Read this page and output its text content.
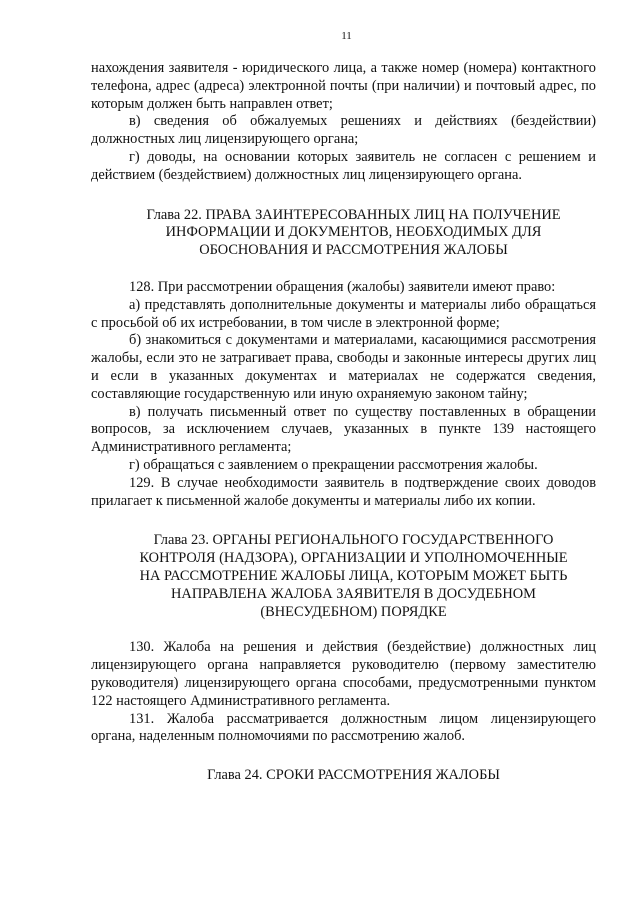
11

нахождения заявителя - юридического лица, а также номер (номера) контактного телефона, адрес (адреса) электронной почты (при наличии) и почтовый адрес, по которым должен быть направлен ответ;

в) сведения об обжалуемых решениях и действиях (бездействии) должностных лиц лицензирующего органа;

г) доводы, на основании которых заявитель не согласен с решением и действием (бездействием) должностных лиц лицензирующего органа.

Глава 22. ПРАВА ЗАИНТЕРЕСОВАННЫХ ЛИЦ НА ПОЛУЧЕНИЕ ИНФОРМАЦИИ И ДОКУМЕНТОВ, НЕОБХОДИМЫХ ДЛЯ ОБОСНОВАНИЯ И РАССМОТРЕНИЯ ЖАЛОБЫ

128. При рассмотрении обращения (жалобы) заявители имеют право:

а) представлять дополнительные документы и материалы либо обращаться с просьбой об их истребовании, в том числе в электронной форме;

б) знакомиться с документами и материалами, касающимися рассмотрения жалобы, если это не затрагивает права, свободы и законные интересы других лиц и если в указанных документах и материалах не содержатся сведения, составляющие государственную или иную охраняемую законом тайну;

в) получать письменный ответ по существу поставленных в обращении вопросов, за исключением случаев, указанных в пункте 139 настоящего Административного регламента;

г) обращаться с заявлением о прекращении рассмотрения жалобы.

129. В случае необходимости заявитель в подтверждение своих доводов прилагает к письменной жалобе документы и материалы либо их копии.

Глава 23. ОРГАНЫ РЕГИОНАЛЬНОГО ГОСУДАРСТВЕННОГО КОНТРОЛЯ (НАДЗОРА), ОРГАНИЗАЦИИ И УПОЛНОМОЧЕННЫЕ НА РАССМОТРЕНИЕ ЖАЛОБЫ ЛИЦА, КОТОРЫМ МОЖЕТ БЫТЬ НАПРАВЛЕНА ЖАЛОБА ЗАЯВИТЕЛЯ В ДОСУДЕБНОМ (ВНЕСУДЕБНОМ) ПОРЯДКЕ

130. Жалоба на решения и действия (бездействие) должностных лиц лицензирующего органа направляется руководителю (первому заместителю руководителя) лицензирующего органа способами, предусмотренными пунктом 122 настоящего Административного регламента.

131. Жалоба рассматривается должностным лицом лицензирующего органа, наделенным полномочиями по рассмотрению жалоб.

Глава 24. СРОКИ РАССМОТРЕНИЯ ЖАЛОБЫ
